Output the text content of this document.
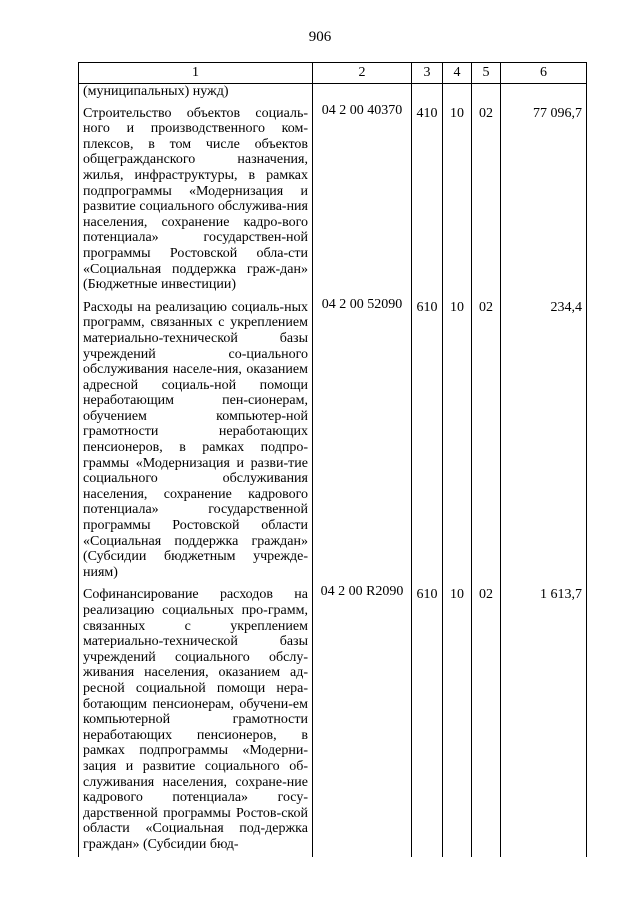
906
1	2	3	4	5	6
(муниципальных) нужд)					
Строительство объектов социаль-ного и производственного ком-плексов, в том числе объектов общегражданского назначения, жилья, инфраструктуры, в рамках подпрограммы «Модернизация и развитие социального обслужива-ния населения, сохранение кадро-вого потенциала» государствен-ной программы Ростовской обла-сти «Социальная поддержка граж-дан» (Бюджетные инвестиции)	04 2 00 40370	410	10	02	77 096,7
Расходы на реализацию социаль-ных программ, связанных с укреплением материально-технической базы учреждений со-циального обслуживания населе-ния, оказанием адресной социаль-ной помощи неработающим пен-сионерам, обучением компьютер-ной грамотности неработающих пенсионеров, в рамках подпро-граммы «Модернизация и разви-тие социального обслуживания населения, сохранение кадрового потенциала» государственной программы Ростовской области «Социальная поддержка граждан» (Субсидии бюджетным учрежде-ниям)	04 2 00 52090	610	10	02	234,4
Софинансирование расходов на реализацию социальных про-грамм, связанных с укреплением материально-технической базы учреждений социального обслу-живания населения, оказанием ад-ресной социальной помощи нера-ботающим пенсионерам, обучени-ем компьютерной грамотности неработающих пенсионеров, в рамках подпрограммы «Модерни-зация и развитие социального об-служивания населения, сохране-ние кадрового потенциала» госу-дарственной программы Ростов-ской области «Социальная под-держка граждан» (Субсидии бюд-	04 2 00 R2090	610	10	02	1 613,7
